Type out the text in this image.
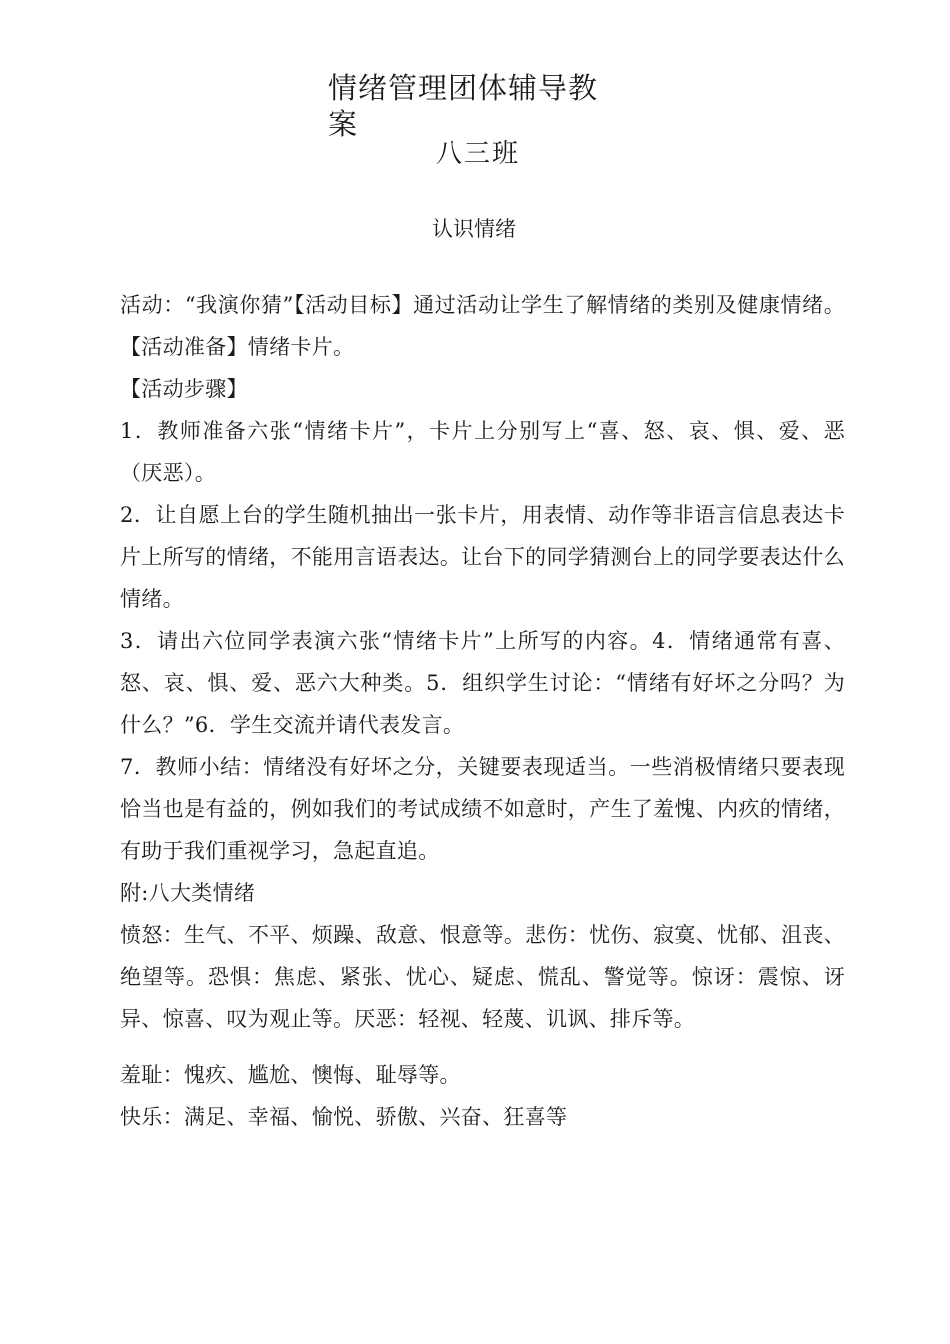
情绪管理团体辅导教案
八三班
认识情绪

活动：“我演你猜”【活动目标】通过活动让学生了解情绪的类别及健康情绪。【活动准备】情绪卡片。

【活动步骤】

1．教师准备六张“情绪卡片”，卡片上分别写上“喜、怒、哀、惧、爱、恶（厌恶）。

2．让自愿上台的学生随机抽出一张卡片，用表情、动作等非语言信息表达卡片上所写的情绪，不能用言语表达。让台下的同学猜测台上的同学要表达什么情绪。

3．请出六位同学表演六张“情绪卡片”上所写的内容。4．情绪通常有喜、怒、哀、惧、爱、恶六大种类。5．组织学生讨论：“情绪有好坏之分吗？为什么？”6．学生交流并请代表发言。

7．教师小结：情绪没有好坏之分，关键要表现适当。一些消极情绪只要表现恰当也是有益的，例如我们的考试成绩不如意时，产生了羞愧、内疚的情绪，有助于我们重视学习，急起直追。

附:八大类情绪

愤怒：生气、不平、烦躁、敌意、恨意等。悲伤：忧伤、寂寞、忧郁、沮丧、绝望等。恐惧：焦虑、紧张、忧心、疑虑、慌乱、警觉等。惊讶：震惊、讶异、惊喜、叹为观止等。厌恶：轻视、轻蔑、讥讽、排斥等。

羞耻：愧疚、尴尬、懊悔、耻辱等。

快乐：满足、幸福、愉悦、骄傲、兴奋、狂喜等
